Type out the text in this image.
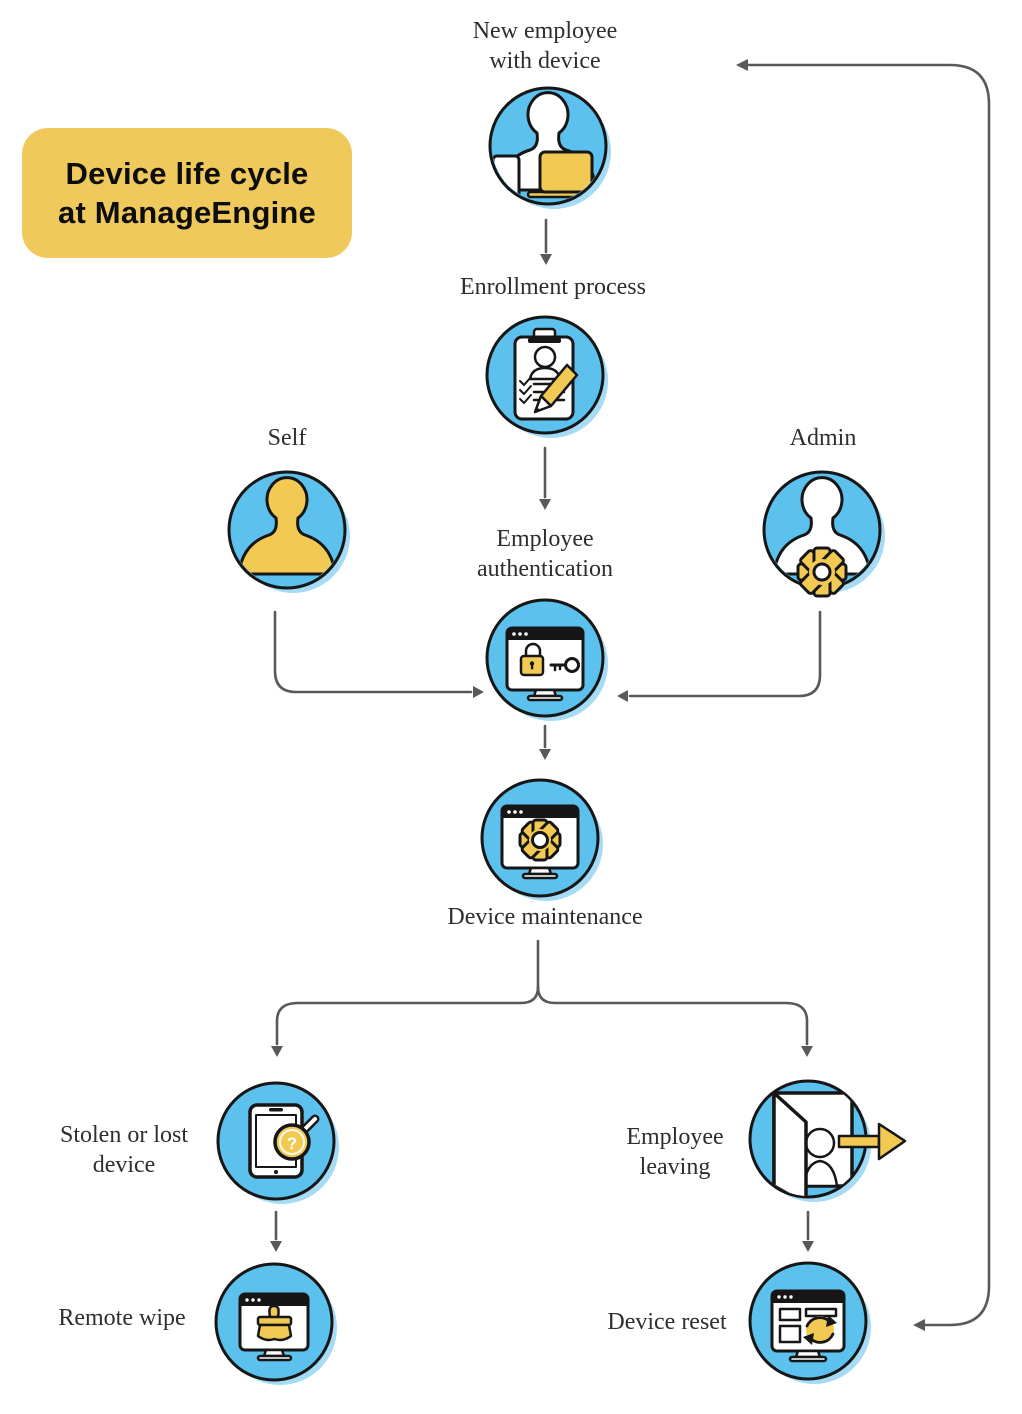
Device life cycle
at ManageEngine
New employee
with device
Enrollment process
Self	Admin
Employee
authentication
Device maintenance
Stolen or lost
device
Employee
leaving
Remote wipe	Device reset
?
